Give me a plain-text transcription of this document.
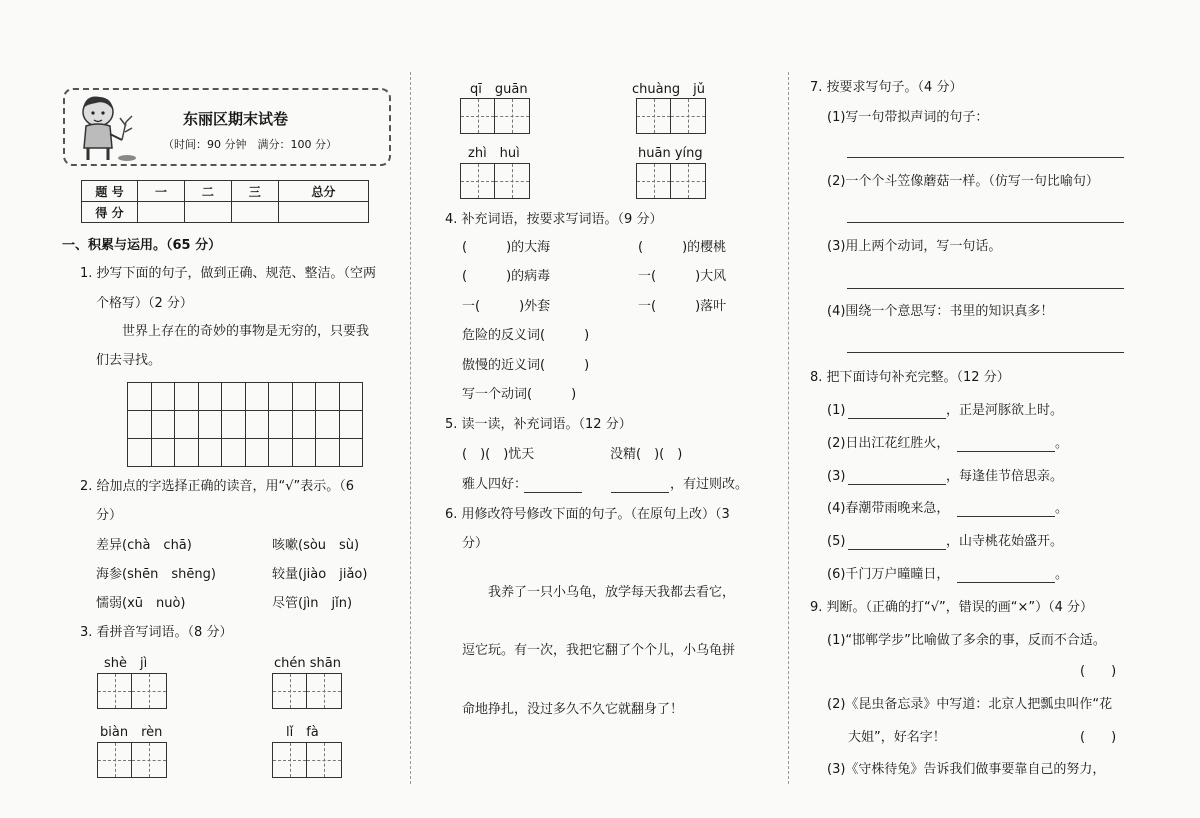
东丽区期末试卷
（时间：90 分钟　满分：100 分）
题 号	一	二	三	总分
得 分				
一、积累与运用。（65 分）
1. 抄写下面的句子，做到正确、规范、整洁。（空两
个格写）（2 分）
世界上存在的奇妙的事物是无穷的，只要我
们去寻找。

2. 给加点的字选择正确的读音，用“√”表示。（6
分）
差异(chà　chā)	咳嗽(sòu　sù)
海参(shēn　shēng)	较量(jiào　jiǎo)
懦弱(xū　nuò)	尽管(jìn　jǐn)
3. 看拼音写词语。（8 分）
shè　jì	chén shān
biàn　rèn	lǐ　fà
qī　guān	chuàng　jǔ
zhì　huì	huān yíng
4. 补充词语，按要求写词语。（9 分）
(　　　)的大海	(　　　)的樱桃
(　　　)的病毒	一(　　　)大风
一(　　　)外套	一(　　　)落叶
危险的反义词(　　　)
傲慢的近义词(　　　)
写一个动词(　　　)
5. 读一读，补充词语。（12 分）
(　)(　)忧天	没精(　)(　)
雅人四好：	，有过则改。
6. 用修改符号修改下面的句子。（在原句上改）（3
分）
我养了一只小乌龟，放学每天我都去看它，
逗它玩。有一次，我把它翻了个个儿，小乌龟拼
命地挣扎，没过多久不久它就翻身了！
7. 按要求写句子。（4 分）
(1)写一句带拟声词的句子：
(2)一个个斗笠像蘑菇一样。（仿写一句比喻句）
(3)用上两个动词，写一句话。
(4)围绕一个意思写：书里的知识真多！
8. 把下面诗句补充完整。（12 分）
(1)	，正是河豚欲上时。
(2)日出江花红胜火，	。
(3)	，每逢佳节倍思亲。
(4)春潮带雨晚来急，	。
(5)	，山寺桃花始盛开。
(6)千门万户曈曈日，	。
9. 判断。（正确的打“√”，错误的画“×”）（4 分）
(1)“邯郸学步”比喻做了多余的事，反而不合适。
(　　)
(2)《昆虫备忘录》中写道：北京人把瓢虫叫作“花
大姐”，好名字！	(　　)
(3)《守株待兔》告诉我们做事要靠自己的努力，
